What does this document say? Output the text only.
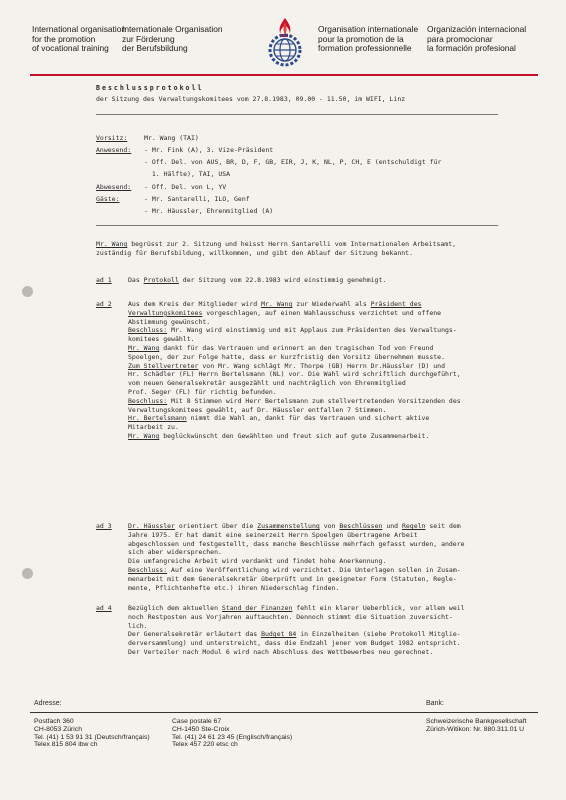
International organisation
for the promotion
of vocational training
Internationale Organisation
zur Förderung
der Berufsbildung
Organisation internationale
pour la promotion de la
formation professionnelle
Organización internacional
para promocionar
la formación profesional
Beschlussprotokoll
der Sitzung des Verwaltungskomitees vom 27.8.1983, 09.00 - 11.50, im WIFI, Linz
Vorsitz:	Mr. Wang (TAI)
Anwesend: - Mr. Fink (A), 3. Vize-Präsident
- Off. Del. von AUS, BR, D, F, GB, EIR, J, K, NL, P, CH, E (entschuldigt für
1. Hälfte), TAI, USA
Abwesend: - Off. Del. von L, YV
Gäste:	- Mr. Santarelli, ILO, Genf
- Mr. Häussler, Ehrenmitglied (A)
Mr. Wang begrüsst zur 2. Sitzung und heisst Herrn Santarelli vom Internationalen Arbeitsamt,
zuständig für Berufsbildung, willkommen, und gibt den Ablauf der Sitzung bekannt.
ad 1	Das Protokoll der Sitzung vom 22.8.1983 wird einstimmig genehmigt.
ad 2	Aus dem Kreis der Mitglieder wird Mr. Wang zur Wiederwahl als Präsident des
Verwaltungskomitees vorgeschlagen, auf einen Wahlausschuss verzichtet und offene
Abstimmung gewünscht.
Beschluss: Mr. Wang wird einstimmig und mit Applaus zum Präsidenten des Verwaltungs-
komitees gewählt.
Mr. Wang dankt für das Vertrauen und erinnert an den tragischen Tod von Freund
Spoelgen, der zur Folge hatte, dass er kurzfristig den Vorsitz übernehmen musste.
Zum Stellvertreter von Mr. Wang schlägt Mr. Thorpe (GB) Herrn Dr.Häussler (D) und
Hr. Schädler (FL) Herrn Bertelsmann (NL) vor. Die Wahl wird schriftlich durchgeführt,
vom neuen Generalsekretär ausgezählt und nachträglich von Ehrenmitglied
Prof. Seger (FL) für richtig befunden.
Beschluss: Mit 8 Stimmen wird Herr Bertelsmann zum stellvertretenden Vorsitzenden des
Verwaltungskomitees gewählt, auf Dr. Häussler entfallen 7 Stimmen.
Hr. Bertelsmann nimmt die Wahl an, dankt für das Vertrauen und sichert aktive
Mitarbeit zu.
Mr. Wang beglückwünscht den Gewählten und freut sich auf gute Zusammenarbeit.
ad 3	Dr. Häussler orientiert über die Zusammenstellung von Beschlüssen und Regeln seit dem
Jahre 1975. Er hat damit eine seinerzeit Herrn Spoelgen übertragene Arbeit
abgeschlossen und festgestellt, dass manche Beschlüsse mehrfach gefasst wurden, andere
sich aber widersprechen.
Die umfangreiche Arbeit wird verdankt und findet hohe Anerkennung.
Beschluss: Auf eine Veröffentlichung wird verzichtet. Die Unterlagen sollen in Zusam-
menarbeit mit dem Generalsekretär überprüft und in geeigneter Form (Statuten, Regle-
mente, Pflichtenhefte etc.) ihren Niederschlag finden.
ad 4	Bezüglich dem aktuellen Stand der Finanzen fehlt ein klarer Ueberblick, vor allem weil
noch Restposten aus Vorjahren auftauchten. Dennoch stimmt die Situation zuversicht-
lich.
Der Generalsekretär erläutert das Budget 84 in Einzelheiten (siehe Protokoll Mitglie-
derversammlung) und unterstreicht, dass die Endzahl jener vom Budget 1982 entspricht.
Der Verteiler nach Modul 6 wird nach Abschluss des Wettbewerbes neu gerechnet.
Adresse:	Bank:
Postfach 360
CH-8053 Zürich
Tel. (41) 1 53 91 31 (Deutsch/français)
Telex 815 804 ibw ch
Case postale 67
CH-1450 Ste-Croix
Tel. (41) 24 61 23 45 (Englisch/français)
Telex 457 220 etsc ch
Schweizerische Bankgesellschaft
Zürich-Witikon: Nr. 880.311.01 U
